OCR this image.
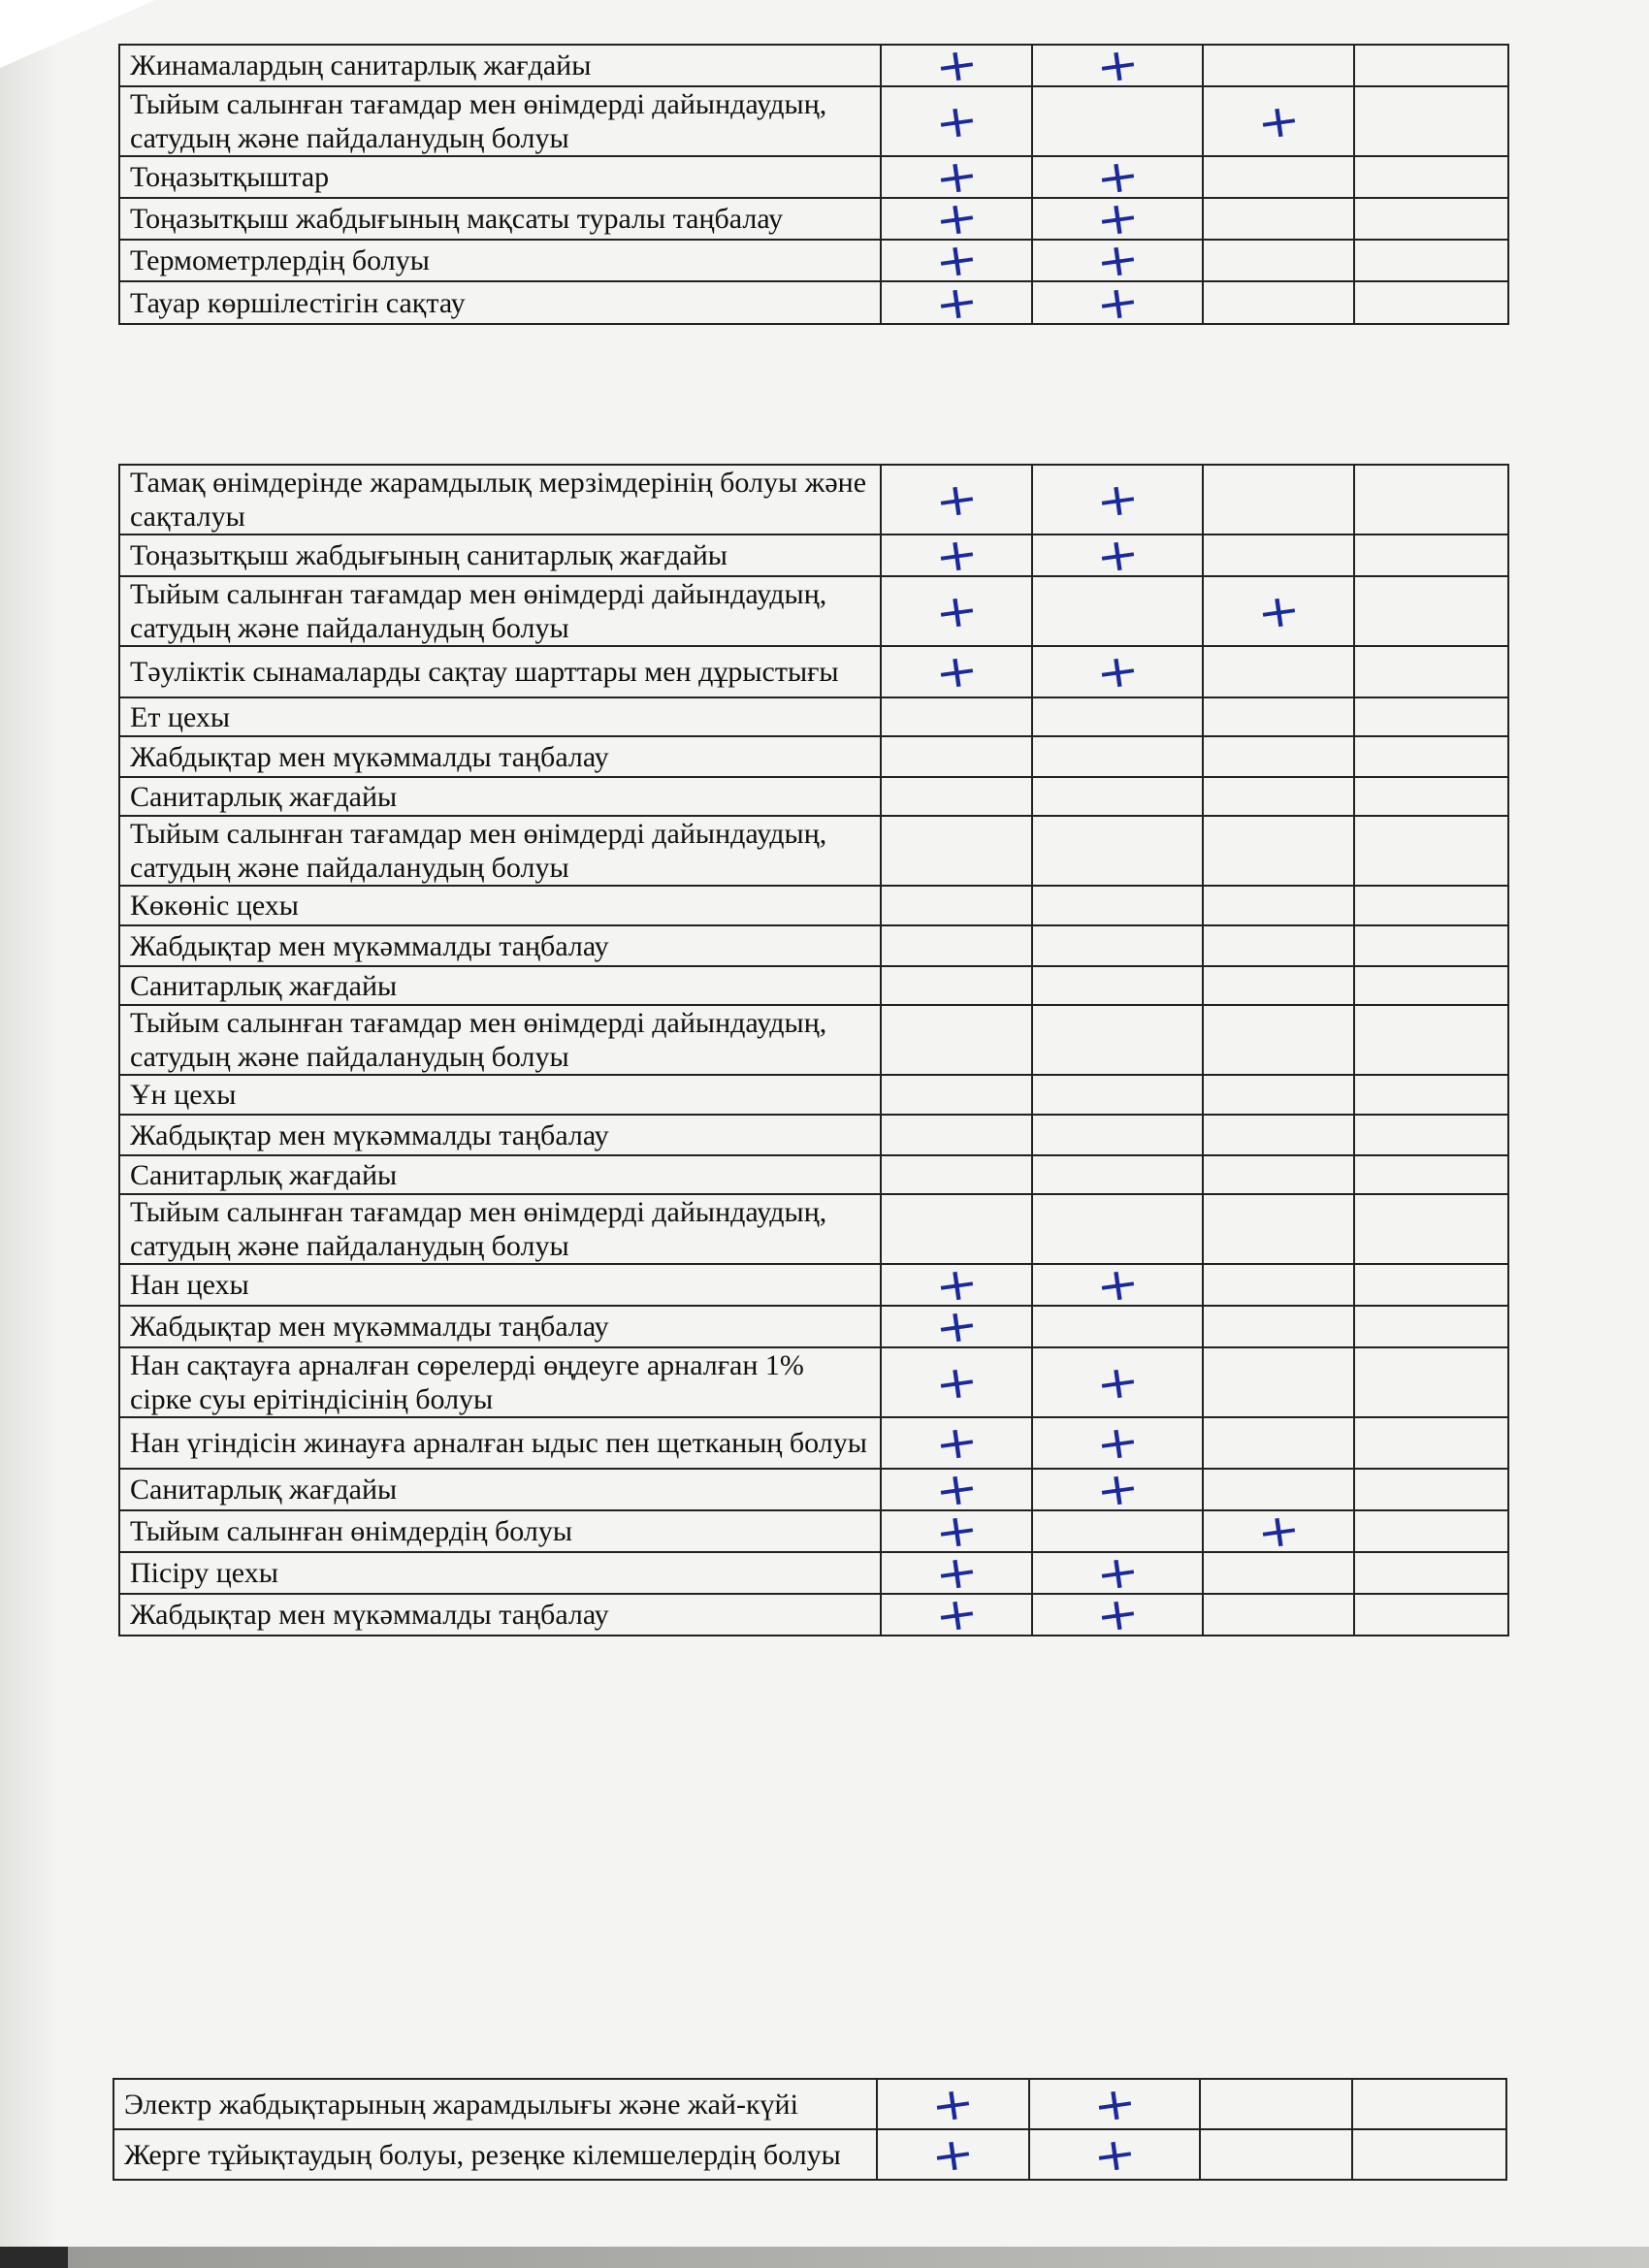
Жинамалардың санитарлық жағдайы	+	+		
Тыйым салынған тағамдар мен өнімдерді дайындаудың, сатудың және пайдаланудың болуы	+		+	
Тоңазытқыштар	+	+		
Тоңазытқыш жабдығының мақсаты туралы таңбалау	+	+		
Термометрлердің болуы	+	+		
Тауар көршілестігін сақтау	+	+		
Тамақ өнімдерінде жарамдылық мерзімдерінің болуы және сақталуы	+	+		
Тоңазытқыш жабдығының санитарлық жағдайы	+	+		
Тыйым салынған тағамдар мен өнімдерді дайындаудың, сатудың және пайдаланудың болуы	+		+	
Тәуліктік сынамаларды сақтау шарттары мен дұрыстығы	+	+		
Ет цехы				
Жабдықтар мен мүкәммалды таңбалау				
Санитарлық жағдайы				
Тыйым салынған тағамдар мен өнімдерді дайындаудың, сатудың және пайдаланудың болуы				
Көкөніс цехы				
Жабдықтар мен мүкәммалды таңбалау				
Санитарлық жағдайы				
Тыйым салынған тағамдар мен өнімдерді дайындаудың, сатудың және пайдаланудың болуы				
Ұн цехы				
Жабдықтар мен мүкәммалды таңбалау				
Санитарлық жағдайы				
Тыйым салынған тағамдар мен өнімдерді дайындаудың, сатудың және пайдаланудың болуы				
Нан цехы	+	+		
Жабдықтар мен мүкәммалды таңбалау	+			
Нан сақтауға арналған сөрелерді өңдеуге арналған 1% сірке суы ерітіндісінің болуы	+	+		
Нан үгіндісін жинауға арналған ыдыс пен щетканың болуы	+	+		
Санитарлық жағдайы	+	+		
Тыйым салынған өнімдердің болуы	+		+	
Пісіру цехы	+	+		
Жабдықтар мен мүкәммалды таңбалау	+	+		
Электр жабдықтарының жарамдылығы және жай-күйі	+	+		
Жерге тұйықтаудың болуы, резеңке кілемшелердің болуы	+	+		
